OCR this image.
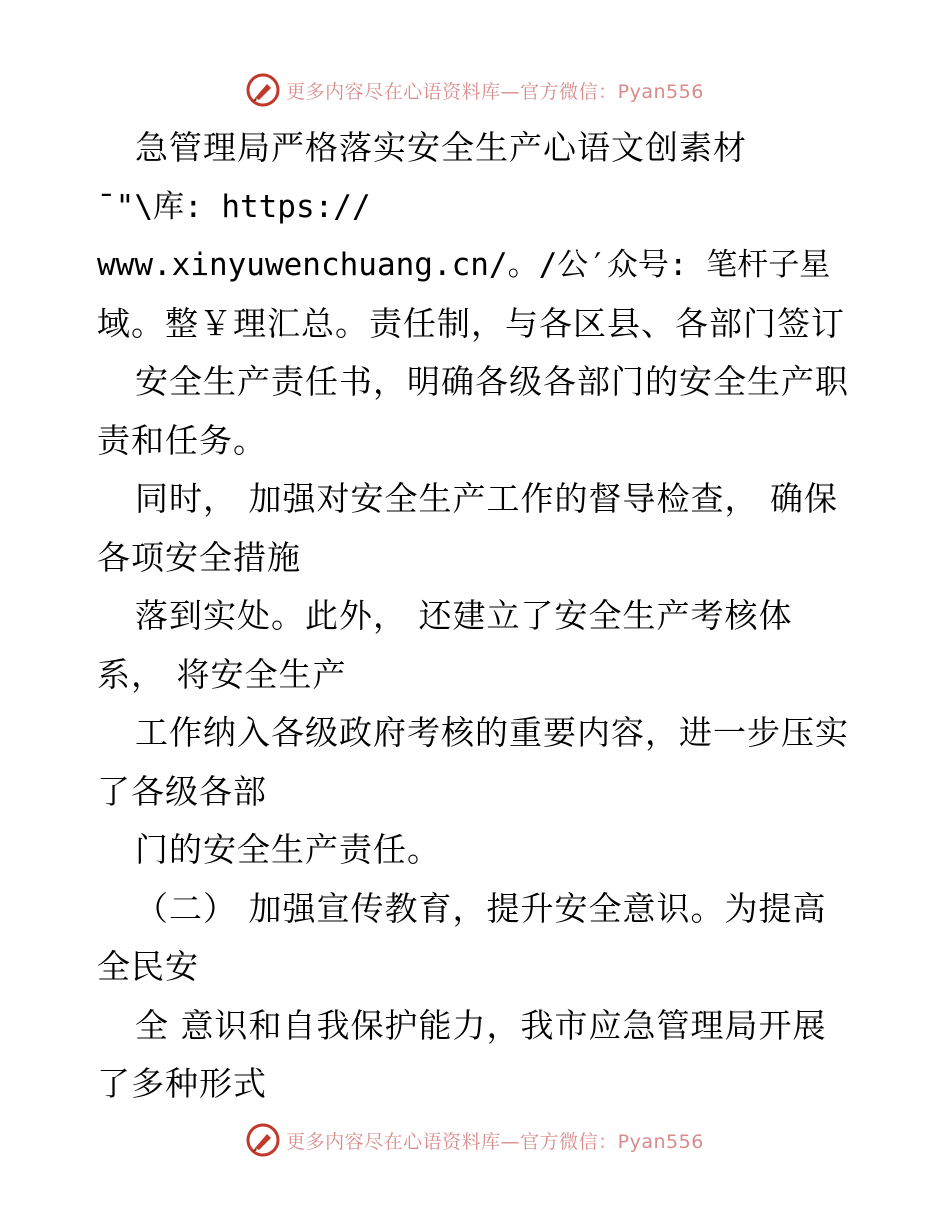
更多内容尽在心语资料库—官方微信：Pyan556
急管理局严格落实安全生产心语文创素材
¯"\库: https://
www.xinyuwenchuang.cn/。/公′众号: 笔杆子星
域。整￥理汇总。责任制，与各区县、各部门签订
安全生产责任书，明确各级各部门的安全生产职
责和任务。
同时， 加强对安全生产工作的督导检查， 确保
各项安全措施
落到实处。此外， 还建立了安全生产考核体
系， 将安全生产
工作纳入各级政府考核的重要内容，进一步压实
了各级各部
门的安全生产责任。
（二） 加强宣传教育，提升安全意识。为提高
全民安
全 意识和自我保护能力，我市应急管理局开展
了多种形式
更多内容尽在心语资料库—官方微信：Pyan556
